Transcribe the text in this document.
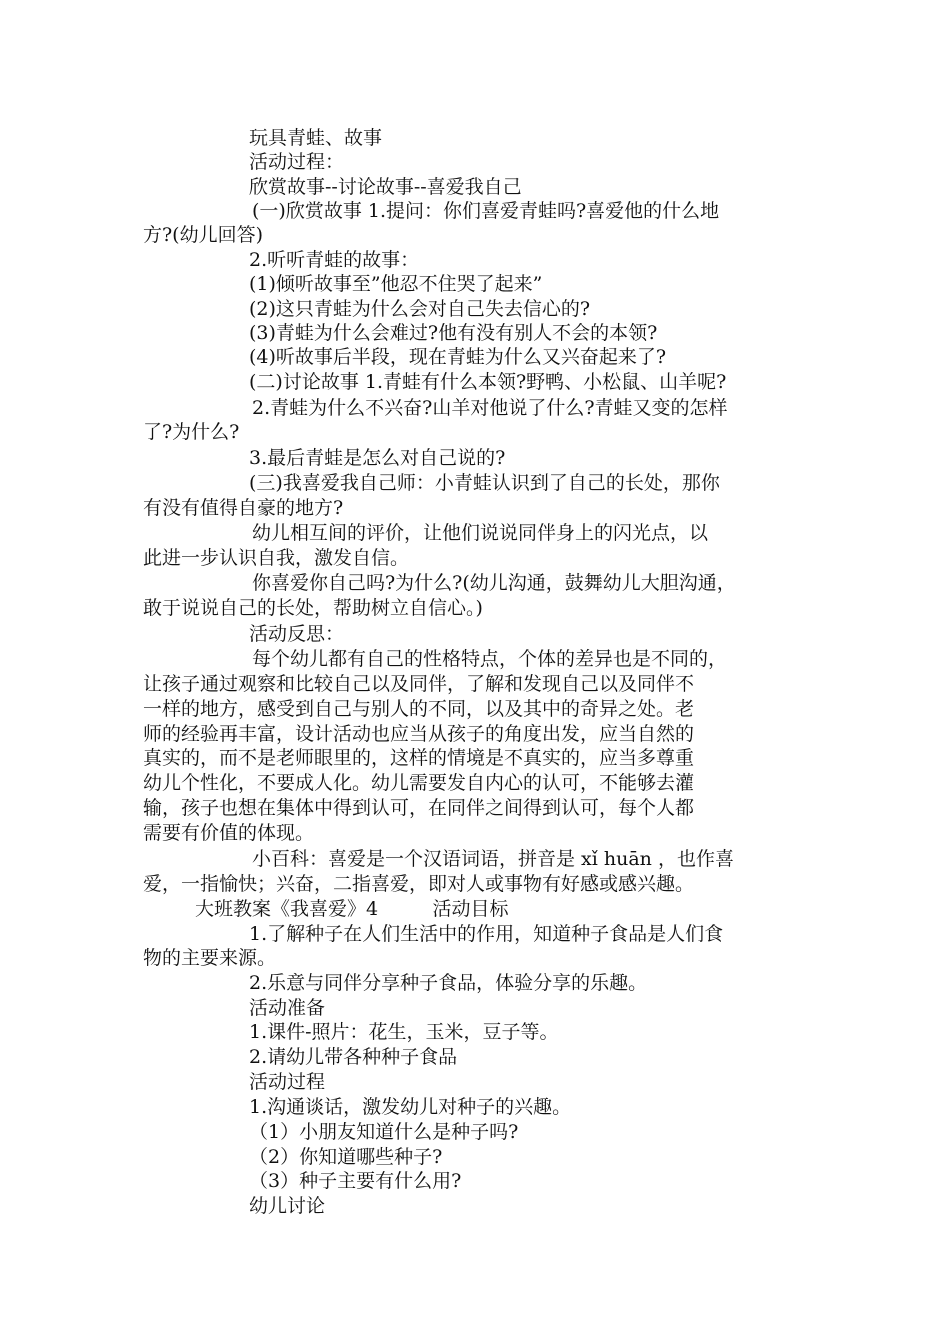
玩具青蛙、故事

活动过程：

欣赏故事--讨论故事--喜爱我自己

(一)欣赏故事 1.提问：你们喜爱青蛙吗?喜爱他的什么地

方?(幼儿回答)

2.听听青蛙的故事：

(1)倾听故事至”他忍不住哭了起来”

(2)这只青蛙为什么会对自己失去信心的?

(3)青蛙为什么会难过?他有没有别人不会的本领?

(4)听故事后半段，现在青蛙为什么又兴奋起来了?

(二)讨论故事 1.青蛙有什么本领?野鸭、小松鼠、山羊呢?

2.青蛙为什么不兴奋?山羊对他说了什么?青蛙又变的怎样

了?为什么?

3.最后青蛙是怎么对自己说的?

(三)我喜爱我自己师：小青蛙认识到了自己的长处，那你

有没有值得自豪的地方?

幼儿相互间的评价，让他们说说同伴身上的闪光点，以

此进一步认识自我，激发自信。

你喜爱你自己吗?为什么?(幼儿沟通，鼓舞幼儿大胆沟通，

敢于说说自己的长处，帮助树立自信心。)

活动反思：

每个幼儿都有自己的性格特点，个体的差异也是不同的，

让孩子通过观察和比较自己以及同伴，了解和发现自己以及同伴不

一样的地方，感受到自己与别人的不同，以及其中的奇异之处。老

师的经验再丰富，设计活动也应当从孩子的角度出发，应当自然的

真实的，而不是老师眼里的，这样的情境是不真实的，应当多尊重

幼儿个性化，不要成人化。幼儿需要发自内心的认可，不能够去灌

输，孩子也想在集体中得到认可，在同伴之间得到认可，每个人都

需要有价值的体现。

小百科：喜爱是一个汉语词语，拼音是 xǐ huān ，也作喜

爱，一指愉快；兴奋，二指喜爱，即对人或事物有好感或感兴趣。

大班教案《我喜爱》4         活动目标

1.了解种子在人们生活中的作用，知道种子食品是人们食

物的主要来源。

2.乐意与同伴分享种子食品，体验分享的乐趣。

活动准备

1.课件-照片：花生，玉米，豆子等。

2.请幼儿带各种种子食品

活动过程

1.沟通谈话，激发幼儿对种子的兴趣。

（1）小朋友知道什么是种子吗?

（2）你知道哪些种子?

（3）种子主要有什么用?

幼儿讨论
